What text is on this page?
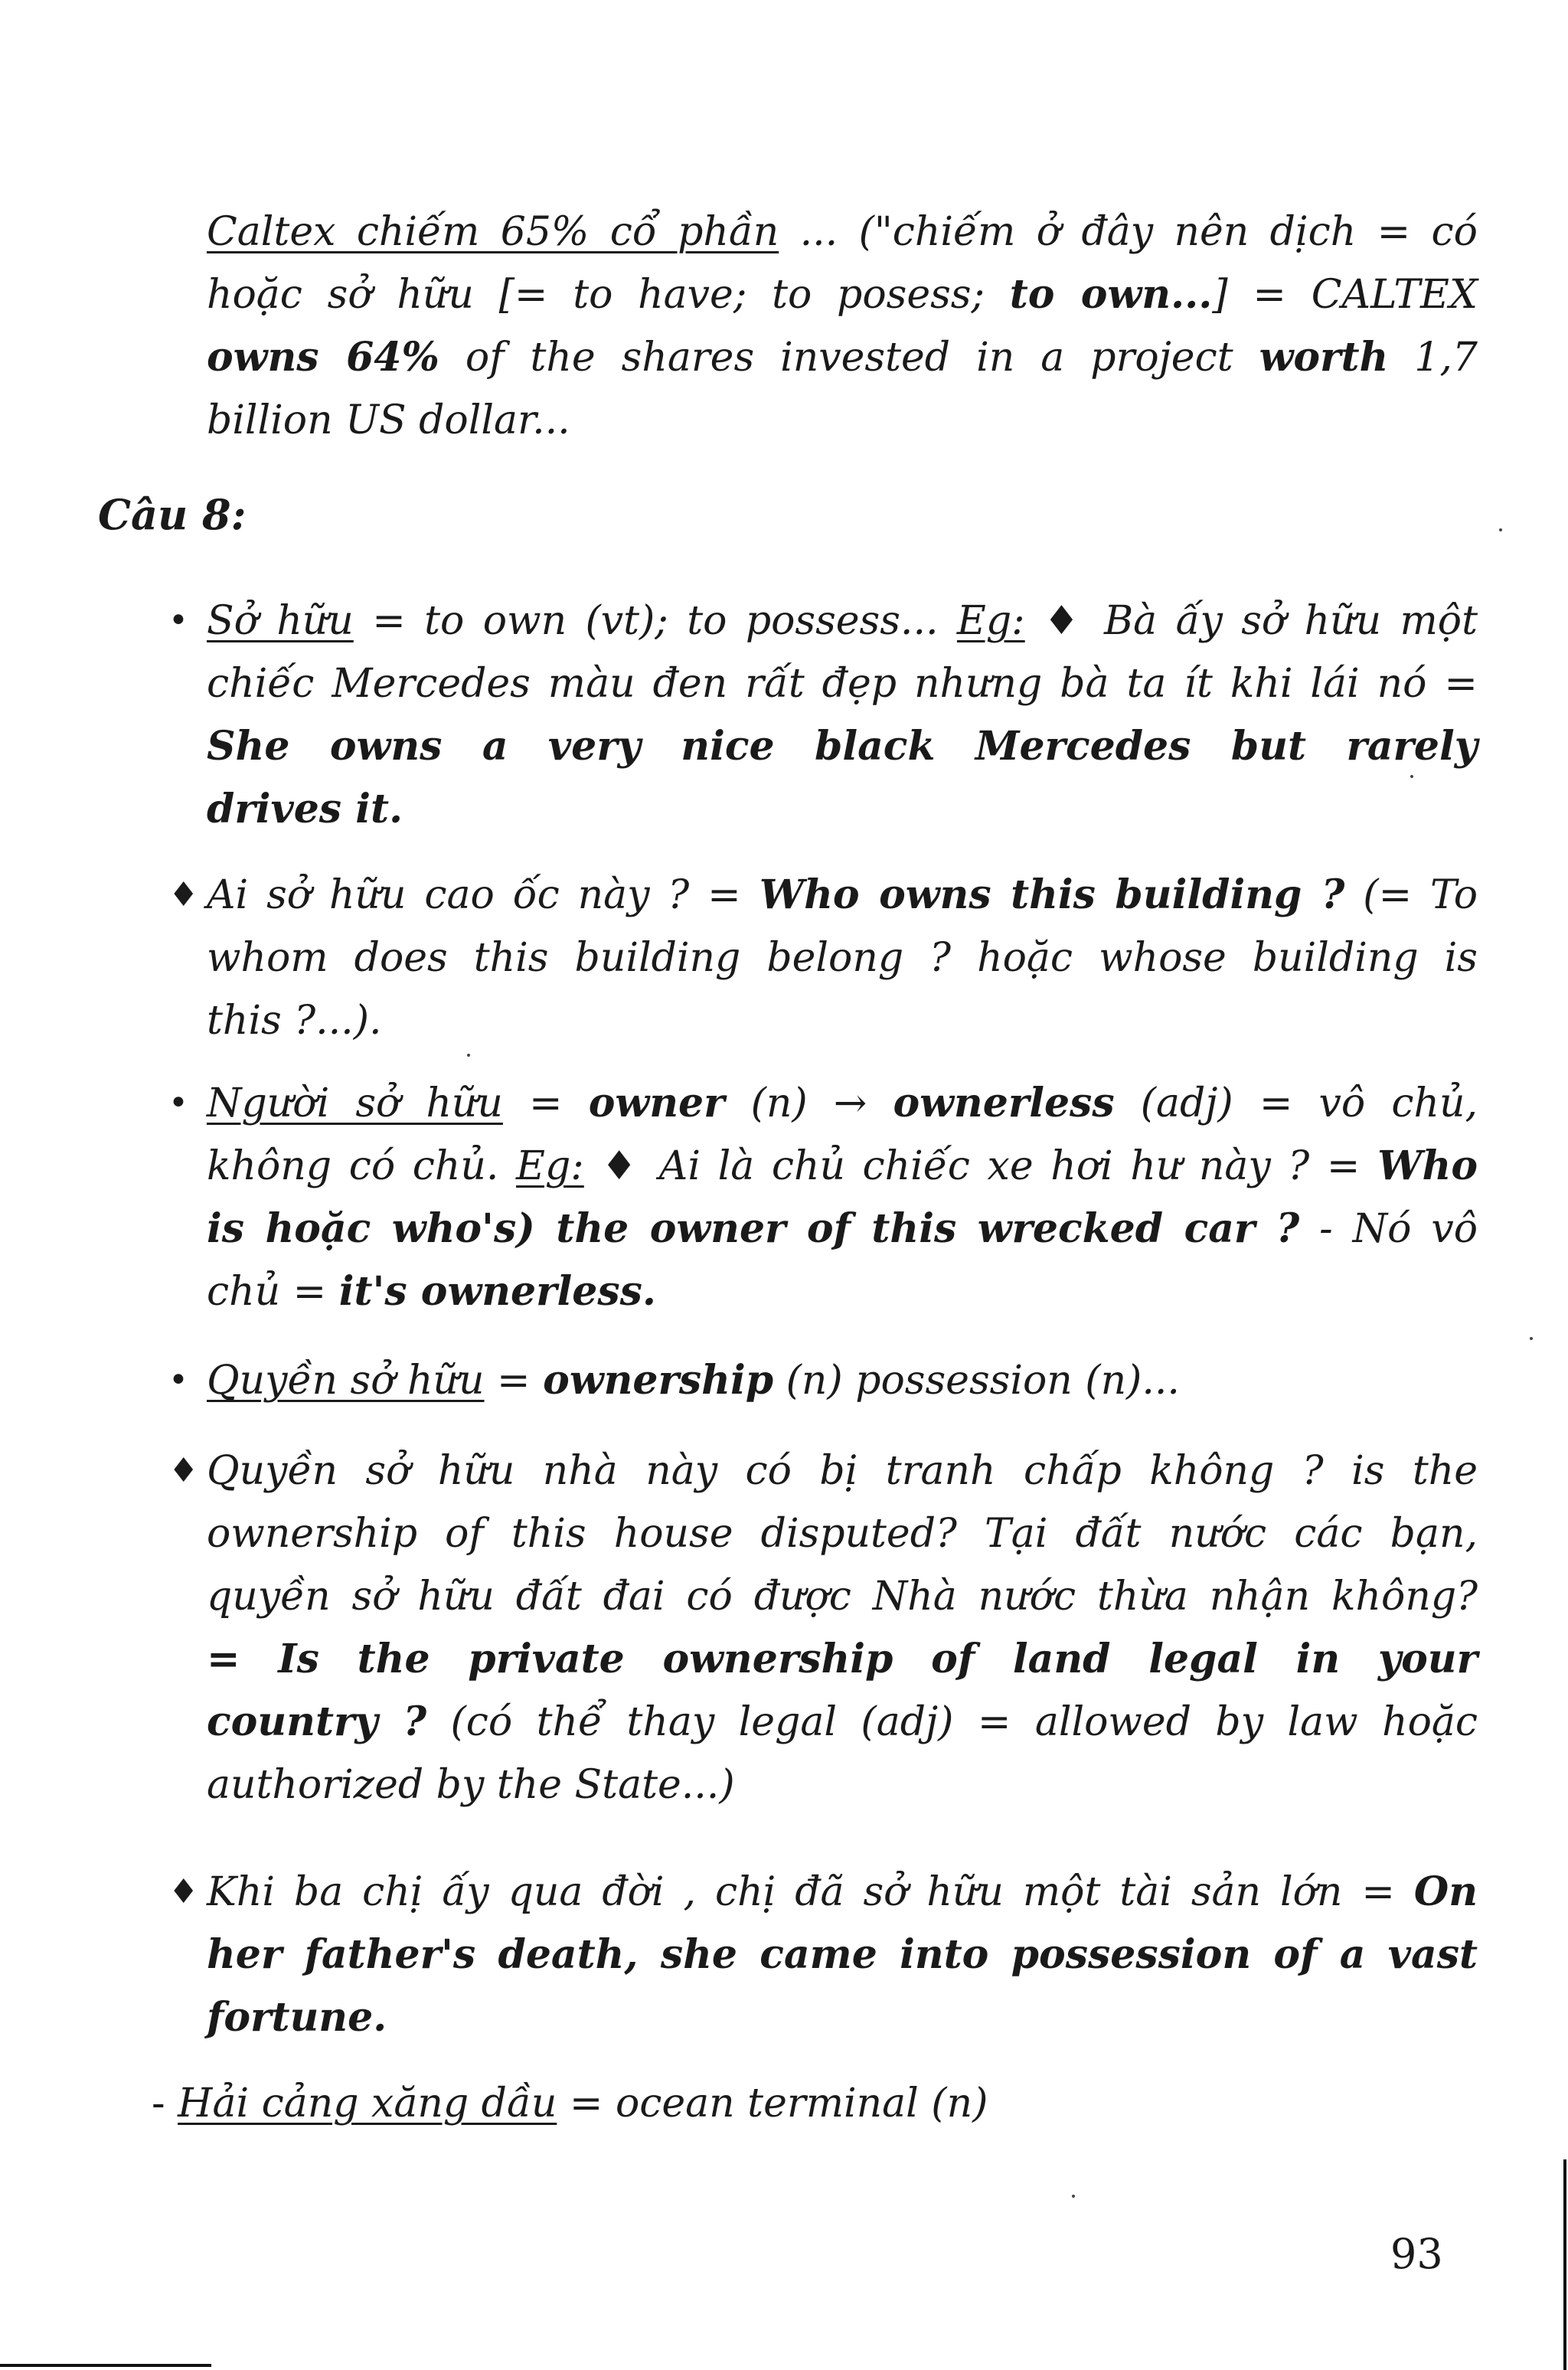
Caltex chiếm 65% cổ phần ... ("chiếm ở đây nên dịch = có
hoặc sở hữu [= to have; to posess; to own...] = CALTEX
owns 64% of the shares invested in a project worth 1,7
billion US dollar...
Câu 8:
• Sở hữu = to own (vt); to possess... Eg: ♦ Bà ấy sở hữu một
chiếc Mercedes màu đen rất đẹp nhưng bà ta ít khi lái nó =
She owns a very nice black Mercedes but rarely
drives it.
♦ Ai sở hữu cao ốc này ? = Who owns this building ? (= To
whom does this building belong ? hoặc whose building is
this ?...).
• Người sở hữu = owner (n) → ownerless (adj) = vô chủ,
không có chủ. Eg: ♦ Ai là chủ chiếc xe hơi hư này ? = Who
is hoặc who's) the owner of this wrecked car ? - Nó vô
chủ = it's ownerless.
• Quyền sở hữu = ownership (n) possession (n)...
♦ Quyền sở hữu nhà này có bị tranh chấp không ? is the
ownership of this house disputed? Tại đất nước các bạn,
quyền sở hữu đất đai có được Nhà nước thừa nhận không?
= Is the private ownership of land legal in your
country ? (có thể thay legal (adj) = allowed by law hoặc
authorized by the State...)
♦ Khi ba chị ấy qua đời , chị đã sở hữu một tài sản lớn = On
her father's death, she came into possession of a vast
fortune.
- Hải cảng xăng dầu = ocean terminal (n)
93
